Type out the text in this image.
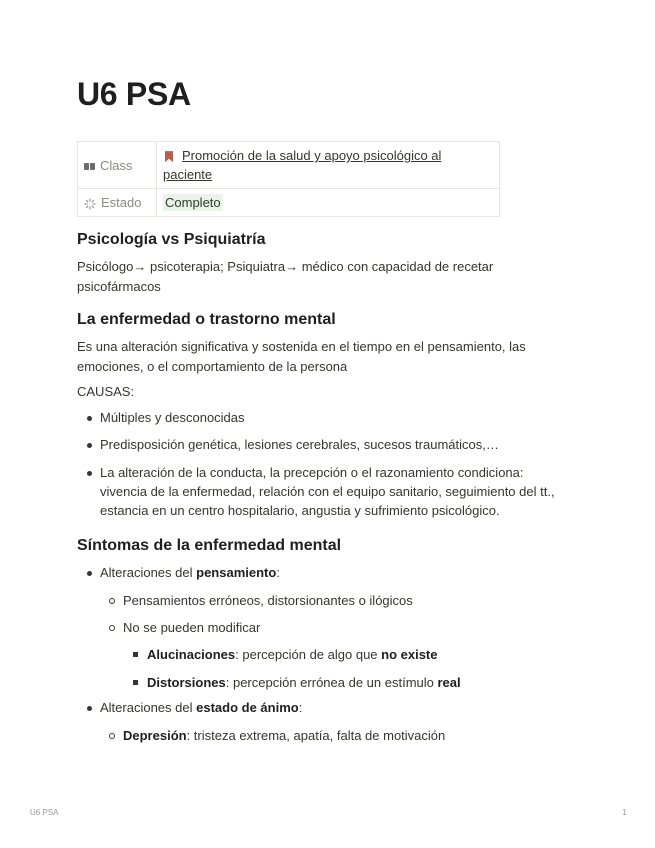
U6 PSA
Class	Promoción de la salud y apoyo psicológico al paciente
Estado	Completo
Psicología vs Psiquiatría

Psicólogo→ psicoterapia; Psiquiatra→ médico con capacidad de recetar psicofármacos

La enfermedad o trastorno mental

Es una alteración significativa y sostenida en el tiempo en el pensamiento, las emociones, o el comportamiento de la persona

CAUSAS:

Múltiples y desconocidas
Predisposición genética, lesiones cerebrales, sucesos traumáticos,…
La alteración de la conducta, la precepción o el razonamiento condiciona: vivencia de la enfermedad, relación con el equipo sanitario, seguimiento del tt., estancia en un centro hospitalario, angustia y sufrimiento psicológico.
Síntomas de la enfermedad mental
Alteraciones del pensamiento:
Pensamientos erróneos, distorsionantes o ilógicos
No se pueden modificar
Alucinaciones: percepción de algo que no existe
Distorsiones: percepción errónea de un estímulo real
Alteraciones del estado de ánimo:
Depresión: tristeza extrema, apatía, falta de motivación
U6 PSA	1
